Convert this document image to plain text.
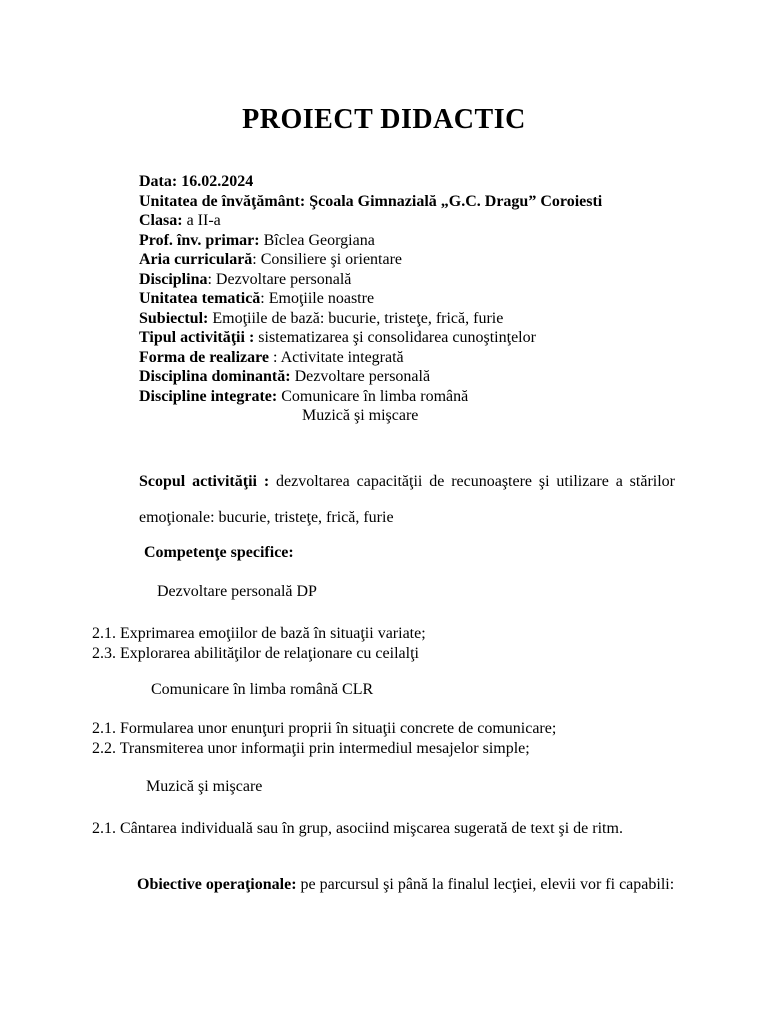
PROIECT DIDACTIC
Data: 16.02.2024
Unitatea de învăţământ: Şcoala Gimnazială „G.C. Dragu” Coroiesti
Clasa: a II-a
Prof. înv. primar: Bîclea Georgiana
Aria curriculară: Consiliere şi orientare
Disciplina: Dezvoltare personală
Unitatea tematică: Emoţiile noastre
Subiectul: Emoţiile de bază: bucurie, tristeţe, frică, furie
Tipul activităţii : sistematizarea şi consolidarea cunoştinţelor
Forma de realizare : Activitate integrată
Disciplina dominantă: Dezvoltare personală
Discipline integrate: Comunicare în limba română
Muzică şi mişcare
Scopul activităţii : dezvoltarea capacităţii de recunoaştere şi utilizare a stărilor emoţionale: bucurie, tristeţe, frică, furie
Competenţe specifice:
Dezvoltare personală DP
2.1. Exprimarea emoţiilor de bază în situaţii variate;
2.3. Explorarea abilităţilor de relaţionare cu ceilalţi
Comunicare în limba română CLR
2.1. Formularea unor enunţuri proprii în situaţii concrete de comunicare;
2.2. Transmiterea unor informaţii prin intermediul mesajelor simple;
Muzică şi mişcare
2.1. Cântarea individuală sau în grup, asociind mişcarea sugerată de text şi de ritm.
Obiective operaţionale: pe parcursul şi până la finalul lecţiei, elevii vor fi capabili:
